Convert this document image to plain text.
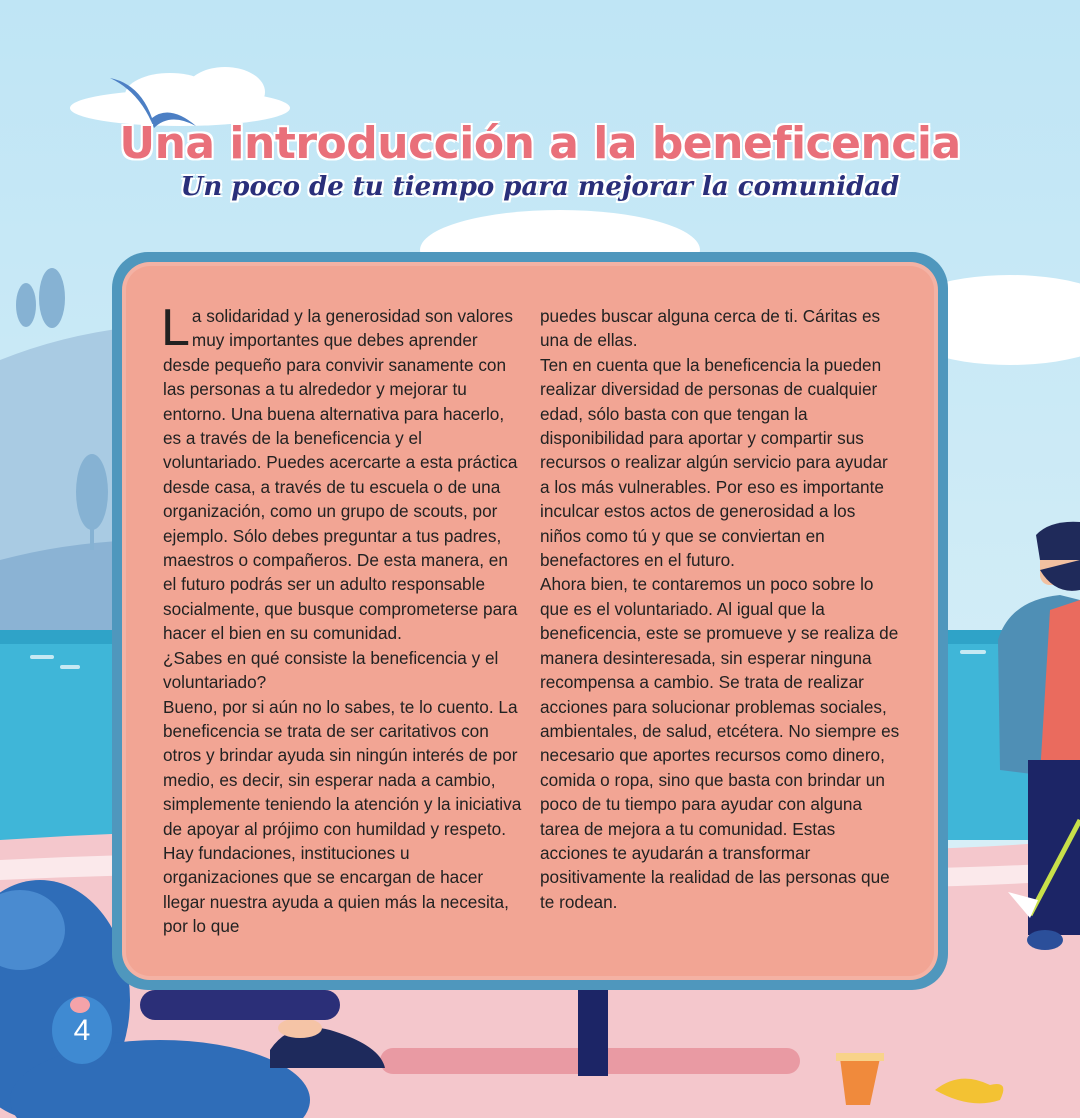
Una introducción a la beneficencia
Un poco de tu tiempo para mejorar la comunidad

La solidaridad y la generosidad son valores muy importantes que debes aprender desde pequeño para convivir sanamente con las personas a tu alrededor y mejorar tu entorno. Una buena alternativa para hacerlo, es a través de la beneficencia y el voluntariado. Puedes acercarte a esta práctica desde casa, a través de tu escuela o de una organización, como un grupo de scouts, por ejemplo. Sólo debes preguntar a tus padres, maestros o compañeros. De esta manera, en el futuro podrás ser un adulto responsable socialmente, que busque comprometerse para hacer el bien en su comunidad.

¿Sabes en qué consiste la beneficencia y el voluntariado?

Bueno, por si aún no lo sabes, te lo cuento. La beneficencia se trata de ser caritativos con otros y brindar ayuda sin ningún interés de por medio, es decir, sin esperar nada a cambio, simplemente teniendo la atención y la iniciativa de apoyar al prójimo con humildad y respeto.

Hay fundaciones, instituciones u organizaciones que se encargan de hacer llegar nuestra ayuda a quien más la necesita, por lo que

puedes buscar alguna cerca de ti. Cáritas es una de ellas.

Ten en cuenta que la beneficencia la pueden realizar diversidad de personas de cualquier edad, sólo basta con que tengan la disponibilidad para aportar y compartir sus recursos o realizar algún servicio para ayudar a los más vulnerables. Por eso es importante inculcar estos actos de generosidad a los niños como tú y que se conviertan en benefactores en el futuro.

Ahora bien, te contaremos un poco sobre lo que es el voluntariado. Al igual que la beneficencia, este se promueve y se realiza de manera desinteresada, sin esperar ninguna recompensa a cambio. Se trata de realizar acciones para solucionar problemas sociales, ambientales, de salud, etcétera. No siempre es necesario que aportes recursos como dinero, comida o ropa, sino que basta con brindar un poco de tu tiempo para ayudar con alguna tarea de mejora a tu comunidad. Estas acciones te ayudarán a transformar positivamente la realidad de las personas que te rodean.

4
